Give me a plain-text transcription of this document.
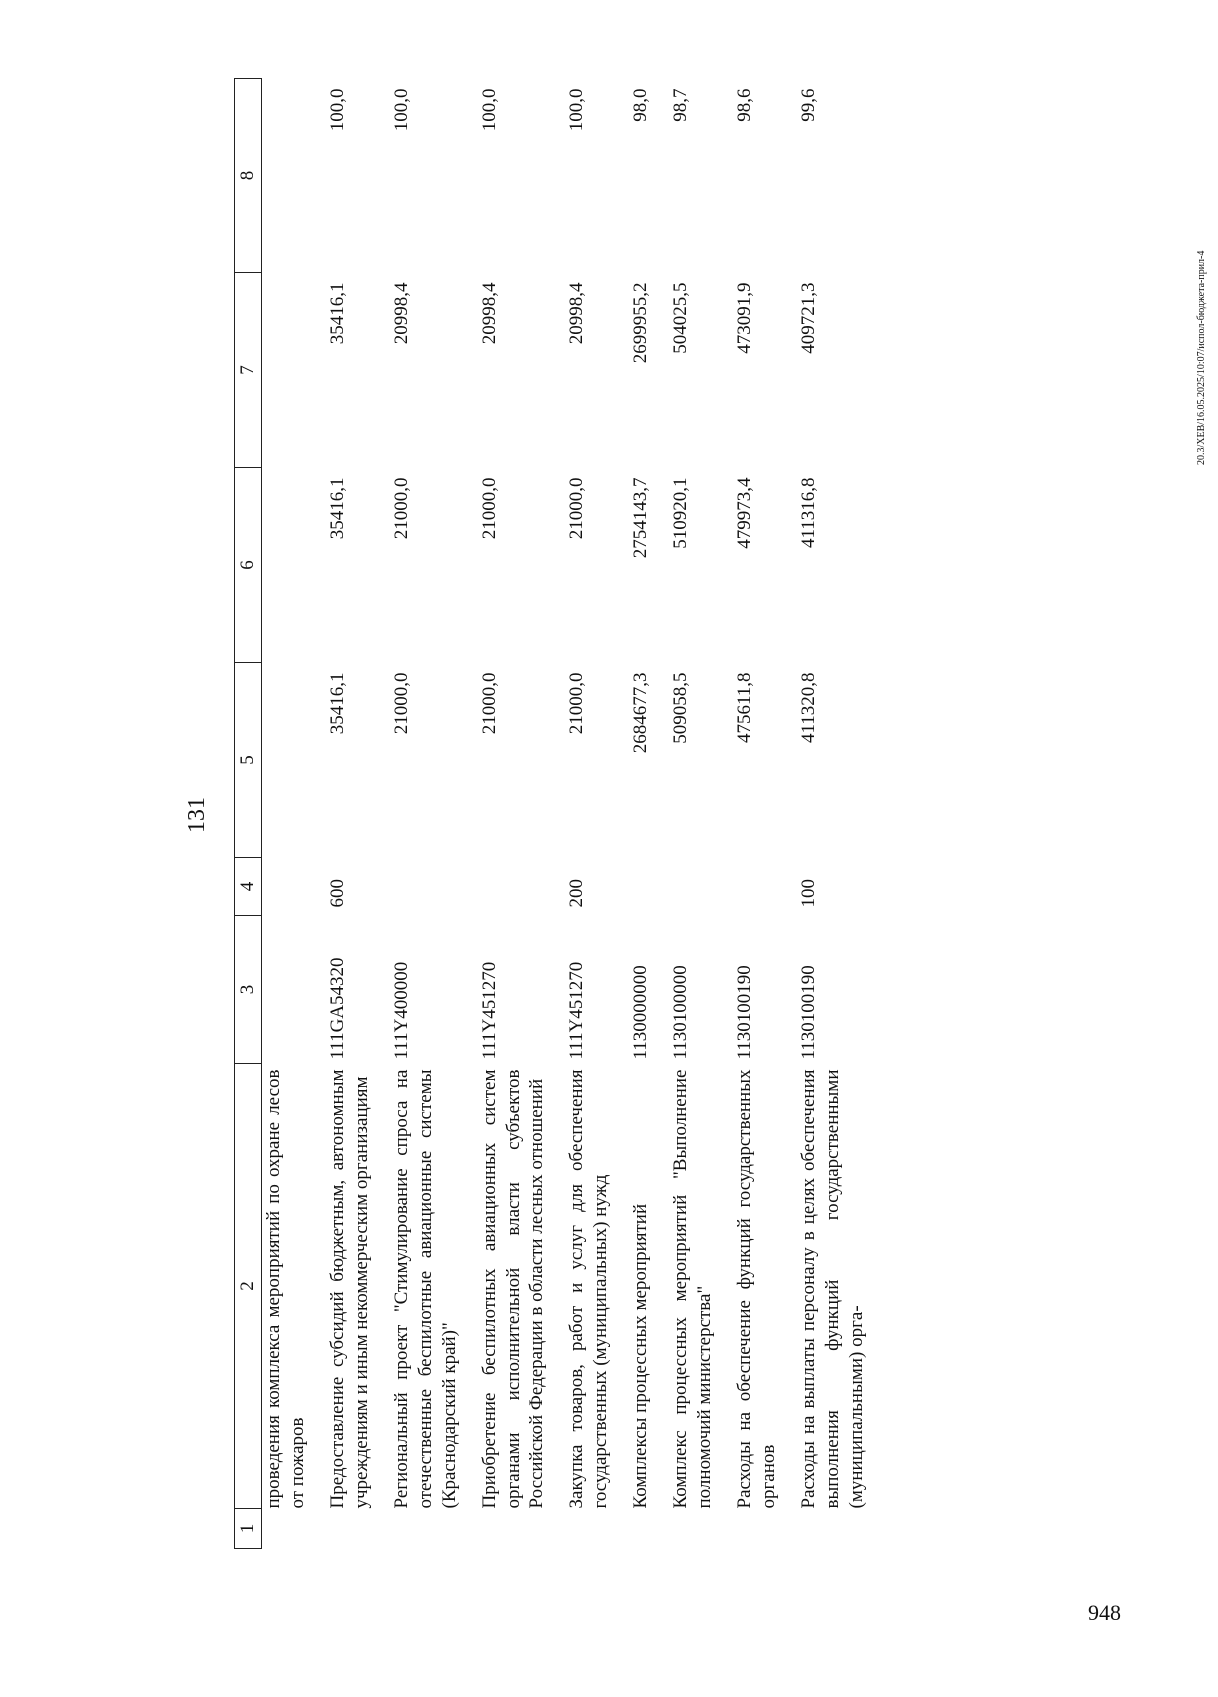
131
1	2	3	4	5	6	7	8
	проведения комплекса мероприятий по охране лесов от пожаров						
	Предоставление субсидий бюджетным, автономным учреждениям и иным некоммерческим организациям	111GA54320	600	35416,1	35416,1	35416,1	100,0
	Региональный проект "Стимулирование спроса на отечественные беспилотные авиационные системы (Краснодарский край)"	111Y400000		21000,0	21000,0	20998,4	100,0
	Приобретение беспилотных авиационных систем органами исполнительной власти субъектов Российской Федерации в области лесных отношений	111Y451270		21000,0	21000,0	20998,4	100,0
	Закупка товаров, работ и услуг для обеспечения государственных (муниципальных) нужд	111Y451270	200	21000,0	21000,0	20998,4	100,0
	Комплексы процессных мероприятий	1130000000		2684677,3	2754143,7	2699955,2	98,0
	Комплекс процессных мероприятий "Выполнение полномочий министерства"	1130100000		509058,5	510920,1	504025,5	98,7
	Расходы на обеспечение функций государственных органов	1130100190		475611,8	479973,4	473091,9	98,6
	Расходы на выплаты персоналу в целях обеспечения выполнения функций государственными (муниципальными) орга-	1130100190	100	411320,8	411316,8	409721,3	99,6
20.3/XEB/16.05.2025/10:07/испол-бюджета-прил-4
948
